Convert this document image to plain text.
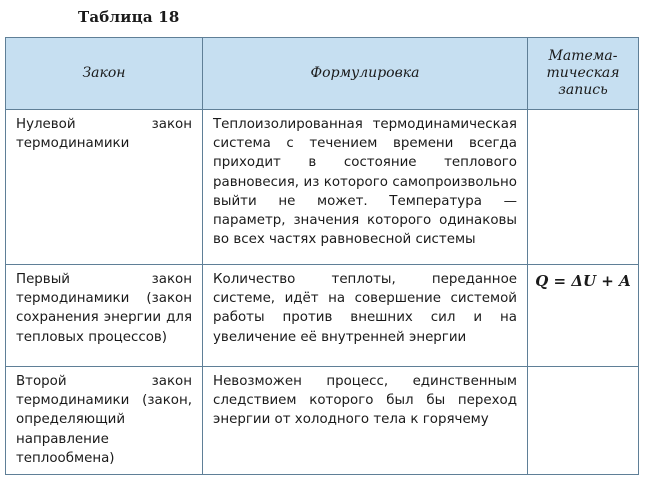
Таблица 18
Закон	Формулировка	Матема-
тическая
запись

Нулевой закон термодинамики	Теплоизолированная термодинамическая система с течением времени всегда приходит в состояние теплового равновесия, из которого самопроизвольно выйти не может. Температура — параметр, значения которого одинаковы во всех частях равновесной системы	

Первый закон термодинамики (закон сохранения энергии для тепловых процессов)	Количество теплоты, переданное системе, идёт на совершение системой работы против внешних сил и на увеличение её внутренней энергии	Q = ΔU + A

Второй закон термодинамики (закон, определяющий направление теплообмена)	Невозможен процесс, единственным следствием которого был бы переход энергии от холодного тела к горячему	
